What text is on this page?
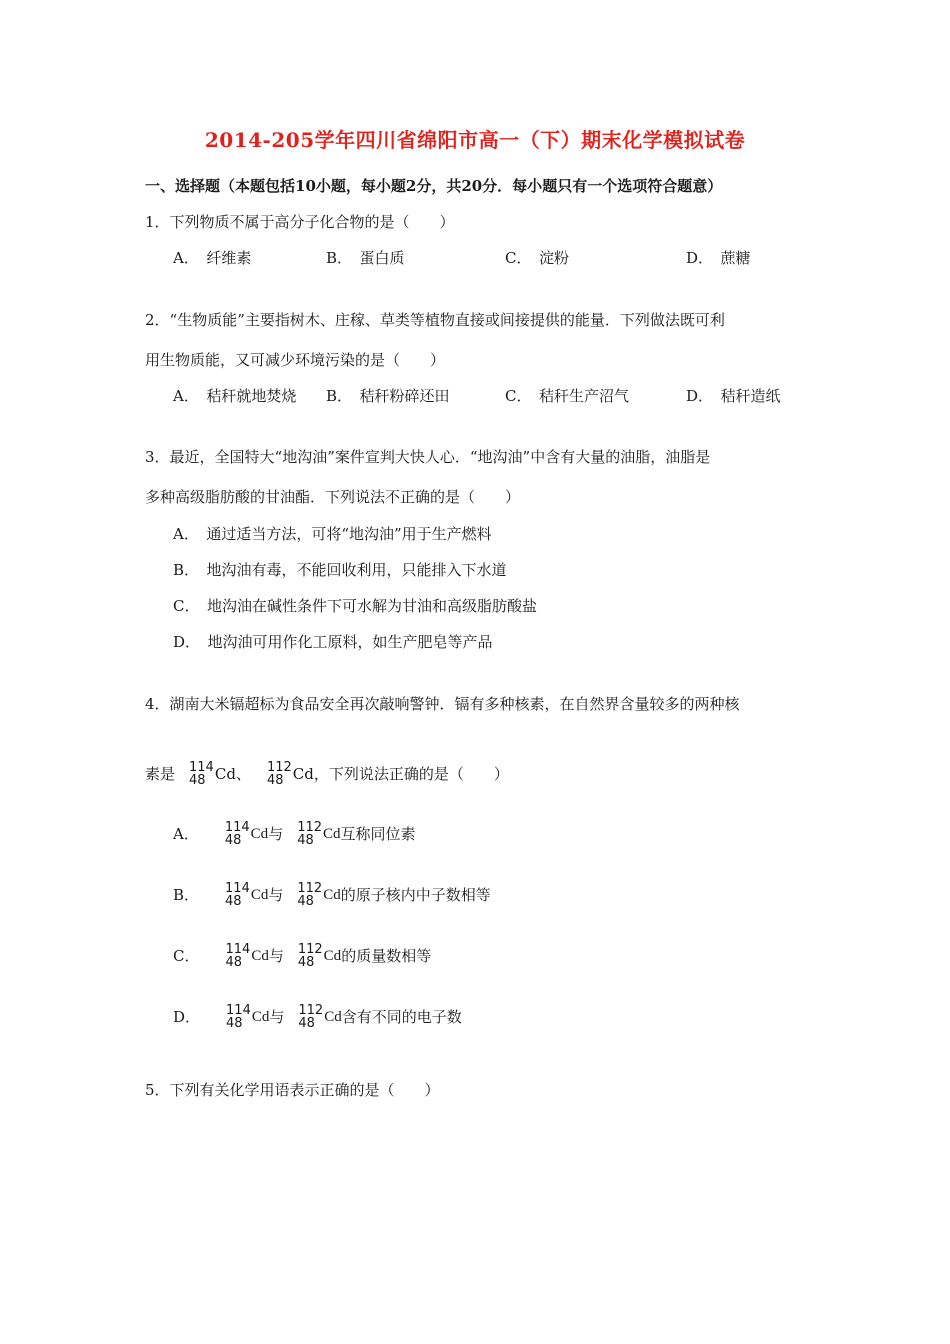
2014-205学年四川省绵阳市高一（下）期末化学模拟试卷
一、选择题（本题包括10小题，每小题2分，共20分．每小题只有一个选项符合题意）
1．下列物质不属于高分子化合物的是（　　）
A．　纤维素	B．　蛋白质	C．　淀粉	D．　蔗糖
2．“生物质能”主要指树木、庄稼、草类等植物直接或间接提供的能量．下列做法既可利
用生物质能，又可减少环境污染的是（　　）
A．　秸秆就地焚烧 B．　秸秆粉碎还田	C．　秸秆生产沼气	D．　秸秆造纸
3．最近，全国特大“地沟油”案件宣判大快人心．“地沟油”中含有大量的油脂，油脂是
多种高级脂肪酸的甘油酯．下列说法不正确的是（　　）
A．　通过适当方法，可将“地沟油”用于生产燃料
B．　地沟油有毒，不能回收利用，只能排入下水道
C．　地沟油在碱性条件下可水解为甘油和高级脂肪酸盐
D．　地沟油可用作化工原料，如生产肥皂等产品
4．湖南大米镉超标为食品安全再次敲响警钟．镉有多种核素，在自然界含量较多的两种核
素是 114
48 Cd、 112
48 Cd，下列说法正确的是（　　）
A． 114
48 Cd 与 112
48 Cd 互称同位素
B． 114
48 Cd 与 112
48 Cd 的原子核内中子数相等
C． 114
48 Cd 与 112
48 Cd 的质量数相等
D． 114
48 Cd 与 112
48 Cd 含有不同的电子数
5．下列有关化学用语表示正确的是（　　）
